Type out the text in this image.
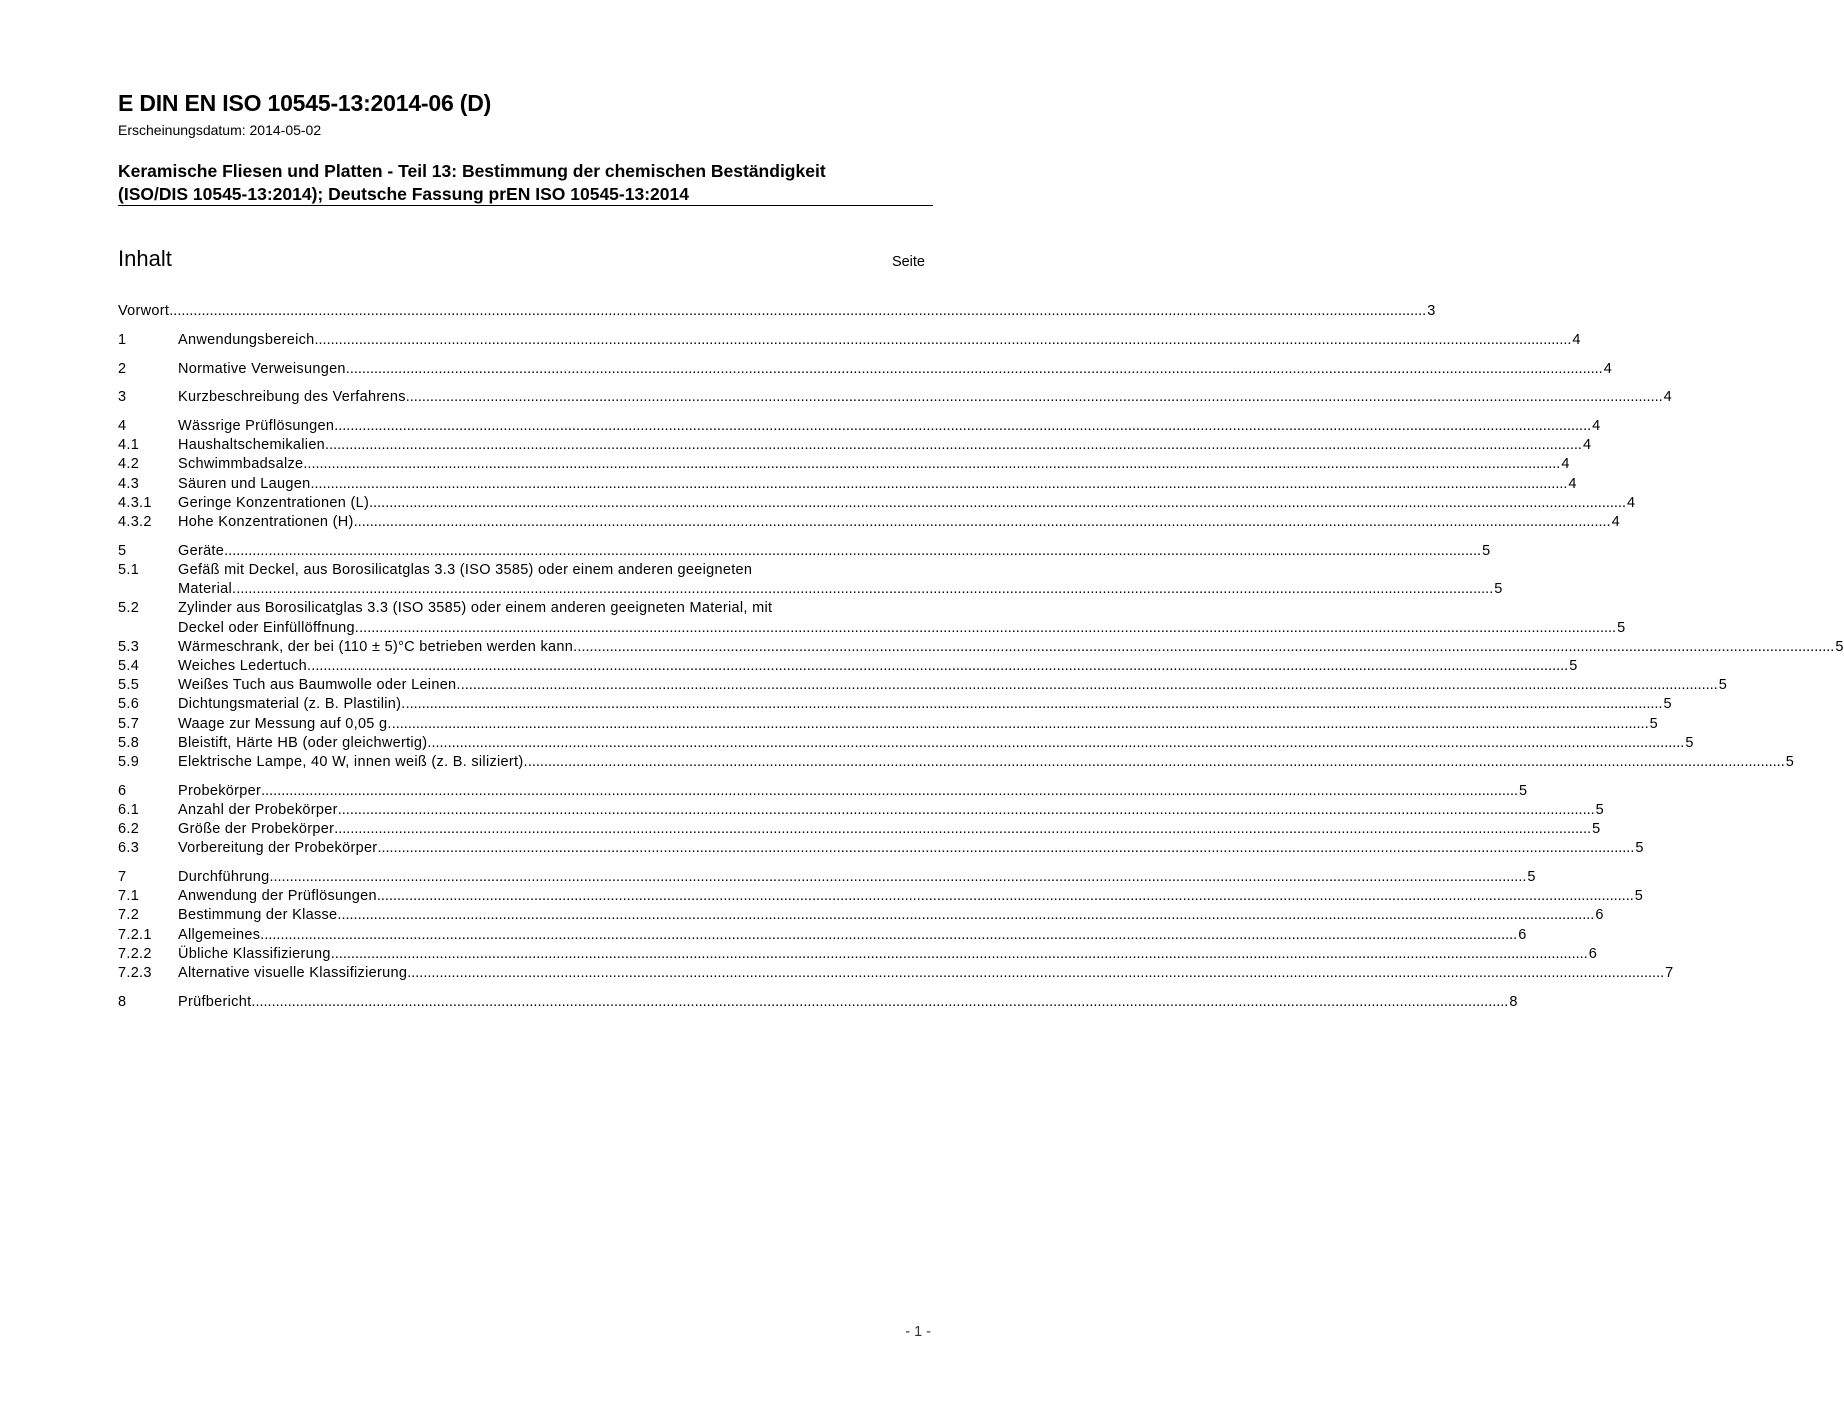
E DIN EN ISO 10545-13:2014-06 (D)
Erscheinungsdatum: 2014-05-02
Keramische Fliesen und Platten - Teil 13: Bestimmung der chemischen Beständigkeit
(ISO/DIS 10545-13:2014); Deutsche Fassung prEN ISO 10545-13:2014
Inhalt	Seite
Vorwort .....	3
1	Anwendungsbereich .....	4
2	Normative Verweisungen .....	4
3	Kurzbeschreibung des Verfahrens .....	4
4	Wässrige Prüflösungen .....	4
4.1	Haushaltschemikalien .....	4
4.2	Schwimmbadsalze .....	4
4.3	Säuren und Laugen .....	4
4.3.1	Geringe Konzentrationen (L) .....	4
4.3.2	Hohe Konzentrationen (H) .....	4
5	Geräte .....	5
5.1	Gefäß mit Deckel, aus Borosilicatglas 3.3 (ISO 3585) oder einem anderen geeigneten
Material. .....	5
5.2	Zylinder aus Borosilicatglas 3.3 (ISO 3585) oder einem anderen geeigneten Material, mit
Deckel oder Einfüllöffnung. .....	5
5.3	Wärmeschrank, der bei (110 ± 5)°C betrieben werden kann. .....	5
5.4	Weiches Ledertuch. .....	5
5.5	Weißes Tuch aus Baumwolle oder Leinen. .....	5
5.6	Dichtungsmaterial (z. B. Plastilin). .....	5
5.7	Waage zur Messung auf 0,05 g. .....	5
5.8	Bleistift, Härte HB (oder gleichwertig) .....	5
5.9	Elektrische Lampe, 40 W, innen weiß (z. B. siliziert). .....	5
6	Probekörper .....	5
6.1	Anzahl der Probekörper .....	5
6.2	Größe der Probekörper .....	5
6.3	Vorbereitung der Probekörper .....	5
7	Durchführung .....	5
7.1	Anwendung der Prüflösungen .....	5
7.2	Bestimmung der Klasse .....	6
7.2.1	Allgemeines .....	6
7.2.2	Übliche Klassifizierung .....	6
7.2.3	Alternative visuelle Klassifizierung .....	7
8	Prüfbericht .....	8
- 1 -
